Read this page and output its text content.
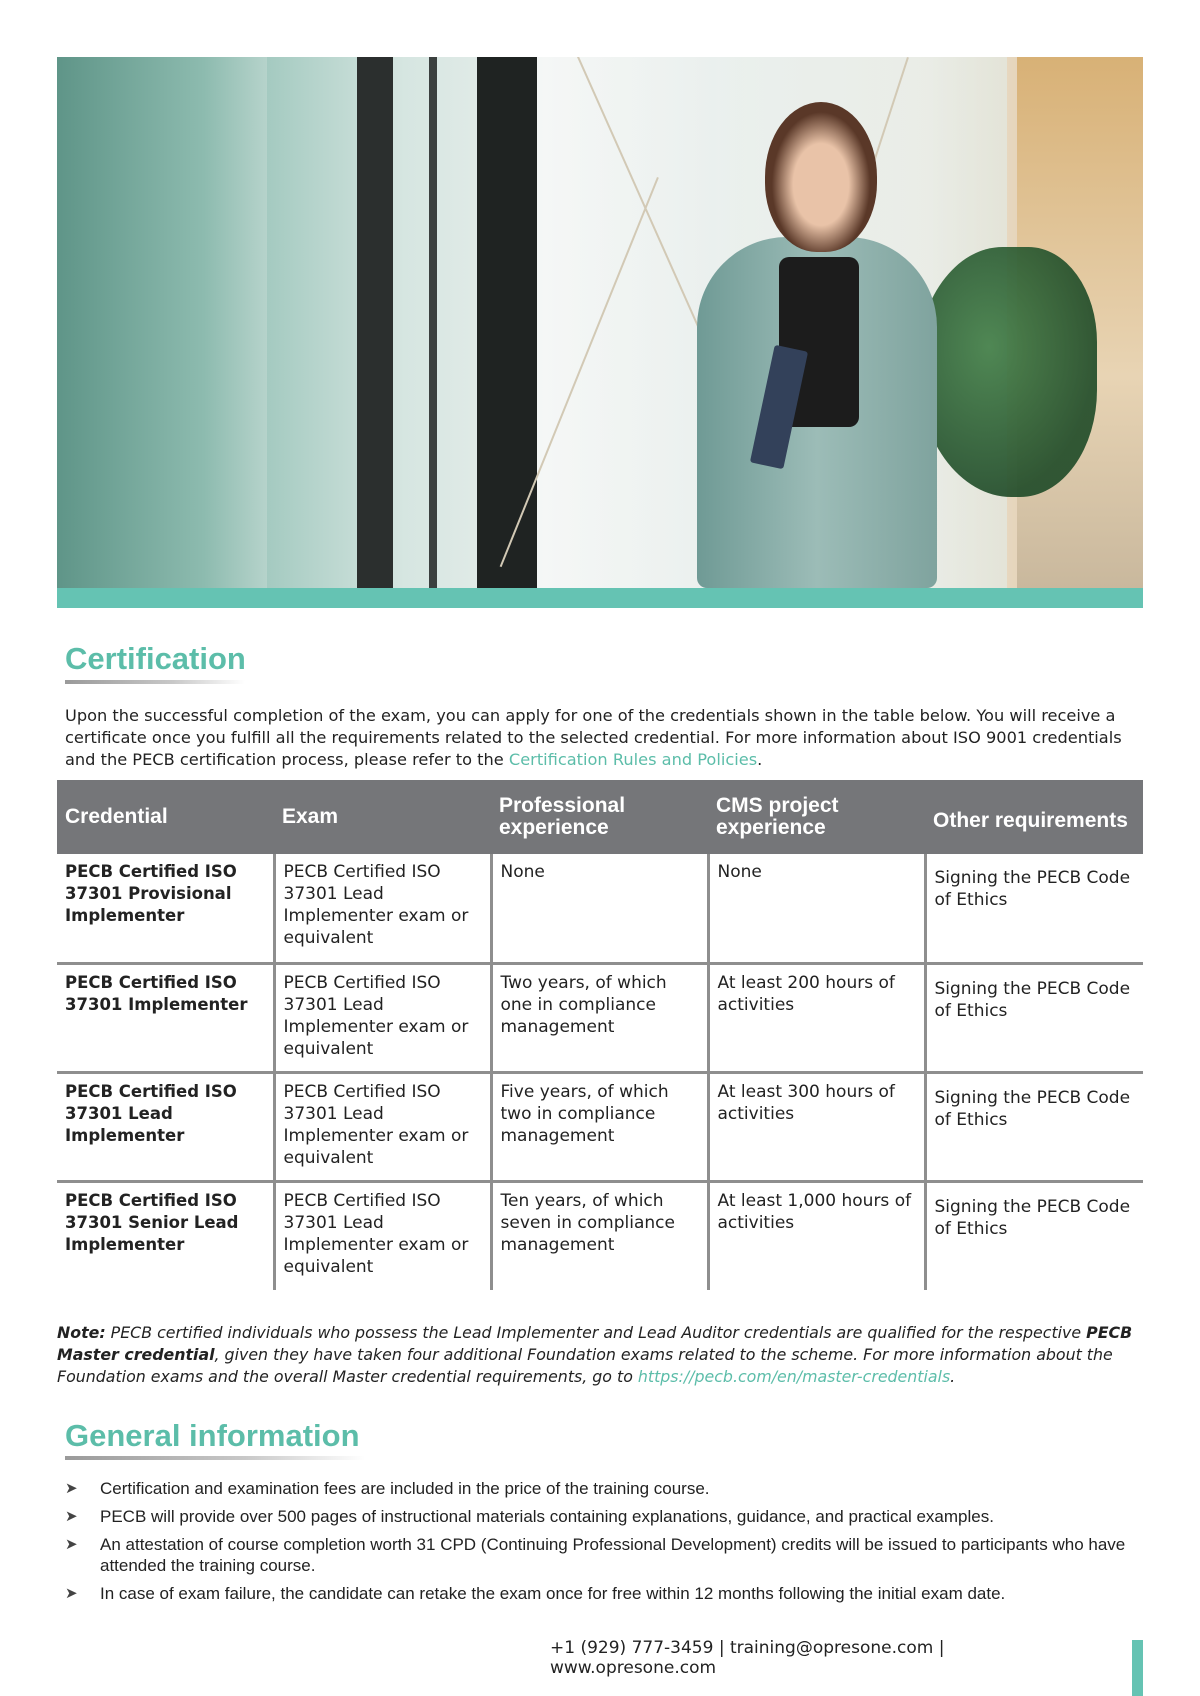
Certification

Upon the successful completion of the exam, you can apply for one of the credentials shown in the table below. You will receive a certificate once you fulfill all the requirements related to the selected credential. For more information about ISO 9001 credentials and the PECB certification process, please refer to the Certification Rules and Policies.

Credential	Exam	Professional experience	CMS project experience	Other requirements
PECB Certified ISO 37301 Provisional Implementer	PECB Certified ISO 37301 Lead Implementer exam or equivalent	None	None	Signing the PECB Code of Ethics
PECB Certified ISO 37301 Implementer	PECB Certified ISO 37301 Lead Implementer exam or equivalent	Two years, of which one in compliance management	At least 200 hours of activities	Signing the PECB Code of Ethics
PECB Certified ISO 37301 Lead Implementer	PECB Certified ISO 37301 Lead Implementer exam or equivalent	Five years, of which two in compliance management	At least 300 hours of activities	Signing the PECB Code of Ethics
PECB Certified ISO 37301 Senior Lead Implementer	PECB Certified ISO 37301 Lead Implementer exam or equivalent	Ten years, of which seven in compliance management	At least 1,000 hours of activities	Signing the PECB Code of Ethics

Note: PECB certified individuals who possess the Lead Implementer and Lead Auditor credentials are qualified for the respective PECB Master credential, given they have taken four additional Foundation exams related to the scheme. For more information about the Foundation exams and the overall Master credential requirements, go to https://pecb.com/en/master-credentials.

General information
➤ Certification and examination fees are included in the price of the training course.
➤ PECB will provide over 500 pages of instructional materials containing explanations, guidance, and practical examples.
➤ An attestation of course completion worth 31 CPD (Continuing Professional Development) credits will be issued to participants who have attended the training course.
➤ In case of exam failure, the candidate can retake the exam once for free within 12 months following the initial exam date.
+1 (929) 777-3459 | training@opresone.com | www.opresone.com
